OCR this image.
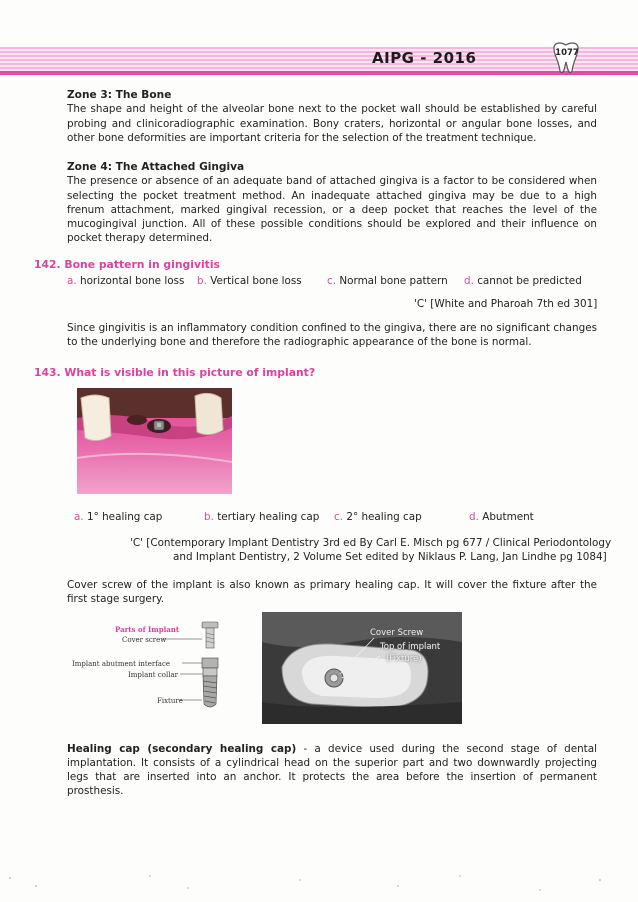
AIPG - 2016	1077
Zone 3: The Bone
The shape and height of the alveolar bone next to the pocket wall should be established by careful probing and clinicoradiographic examination. Bony craters, horizontal or angular bone losses, and other bone deformities are important criteria for the selection of the treatment technique.
Zone 4: The Attached Gingiva
The presence or absence of an adequate band of attached gingiva is a factor to be considered when selecting the pocket treatment method. An inadequate attached gingiva may be due to a high frenum attachment, marked gingival recession, or a deep pocket that reaches the level of the mucogingival junction. All of these possible conditions should be explored and their influence on pocket therapy determined.
142. Bone pattern in gingivitis
a. horizontal bone loss b. Vertical bone loss c. Normal bone pattern d. cannot be predicted
'C' [White and Pharoah 7th ed 301]
Since gingivitis is an inflammatory condition confined to the gingiva, there are no significant changes to the underlying bone and therefore the radiographic appearance of the bone is normal.
143. What is visible in this picture of implant?
a. 1° healing cap	b. tertiary healing cap c. 2° healing cap	d. Abutment
'C' [Contemporary Implant Dentistry 3rd ed By Carl E. Misch pg 677 / Clinical Periodontology
and Implant Dentistry, 2 Volume Set edited by Niklaus P. Lang, Jan Lindhe pg 1084]
Cover screw of the implant is also known as primary healing cap. It will cover the fixture after the first stage surgery.
Parts of Implant
Cover screw
Implant abutment interface
Implant collar
Fixture
Cover Screw
Top of implant
(Fixture)
Healing cap (secondary healing cap) - a device used during the second stage of dental implantation. It consists of a cylindrical head on the superior part and two downwardly projecting legs that are inserted into an anchor. It protects the area before the insertion of permanent prosthesis.
